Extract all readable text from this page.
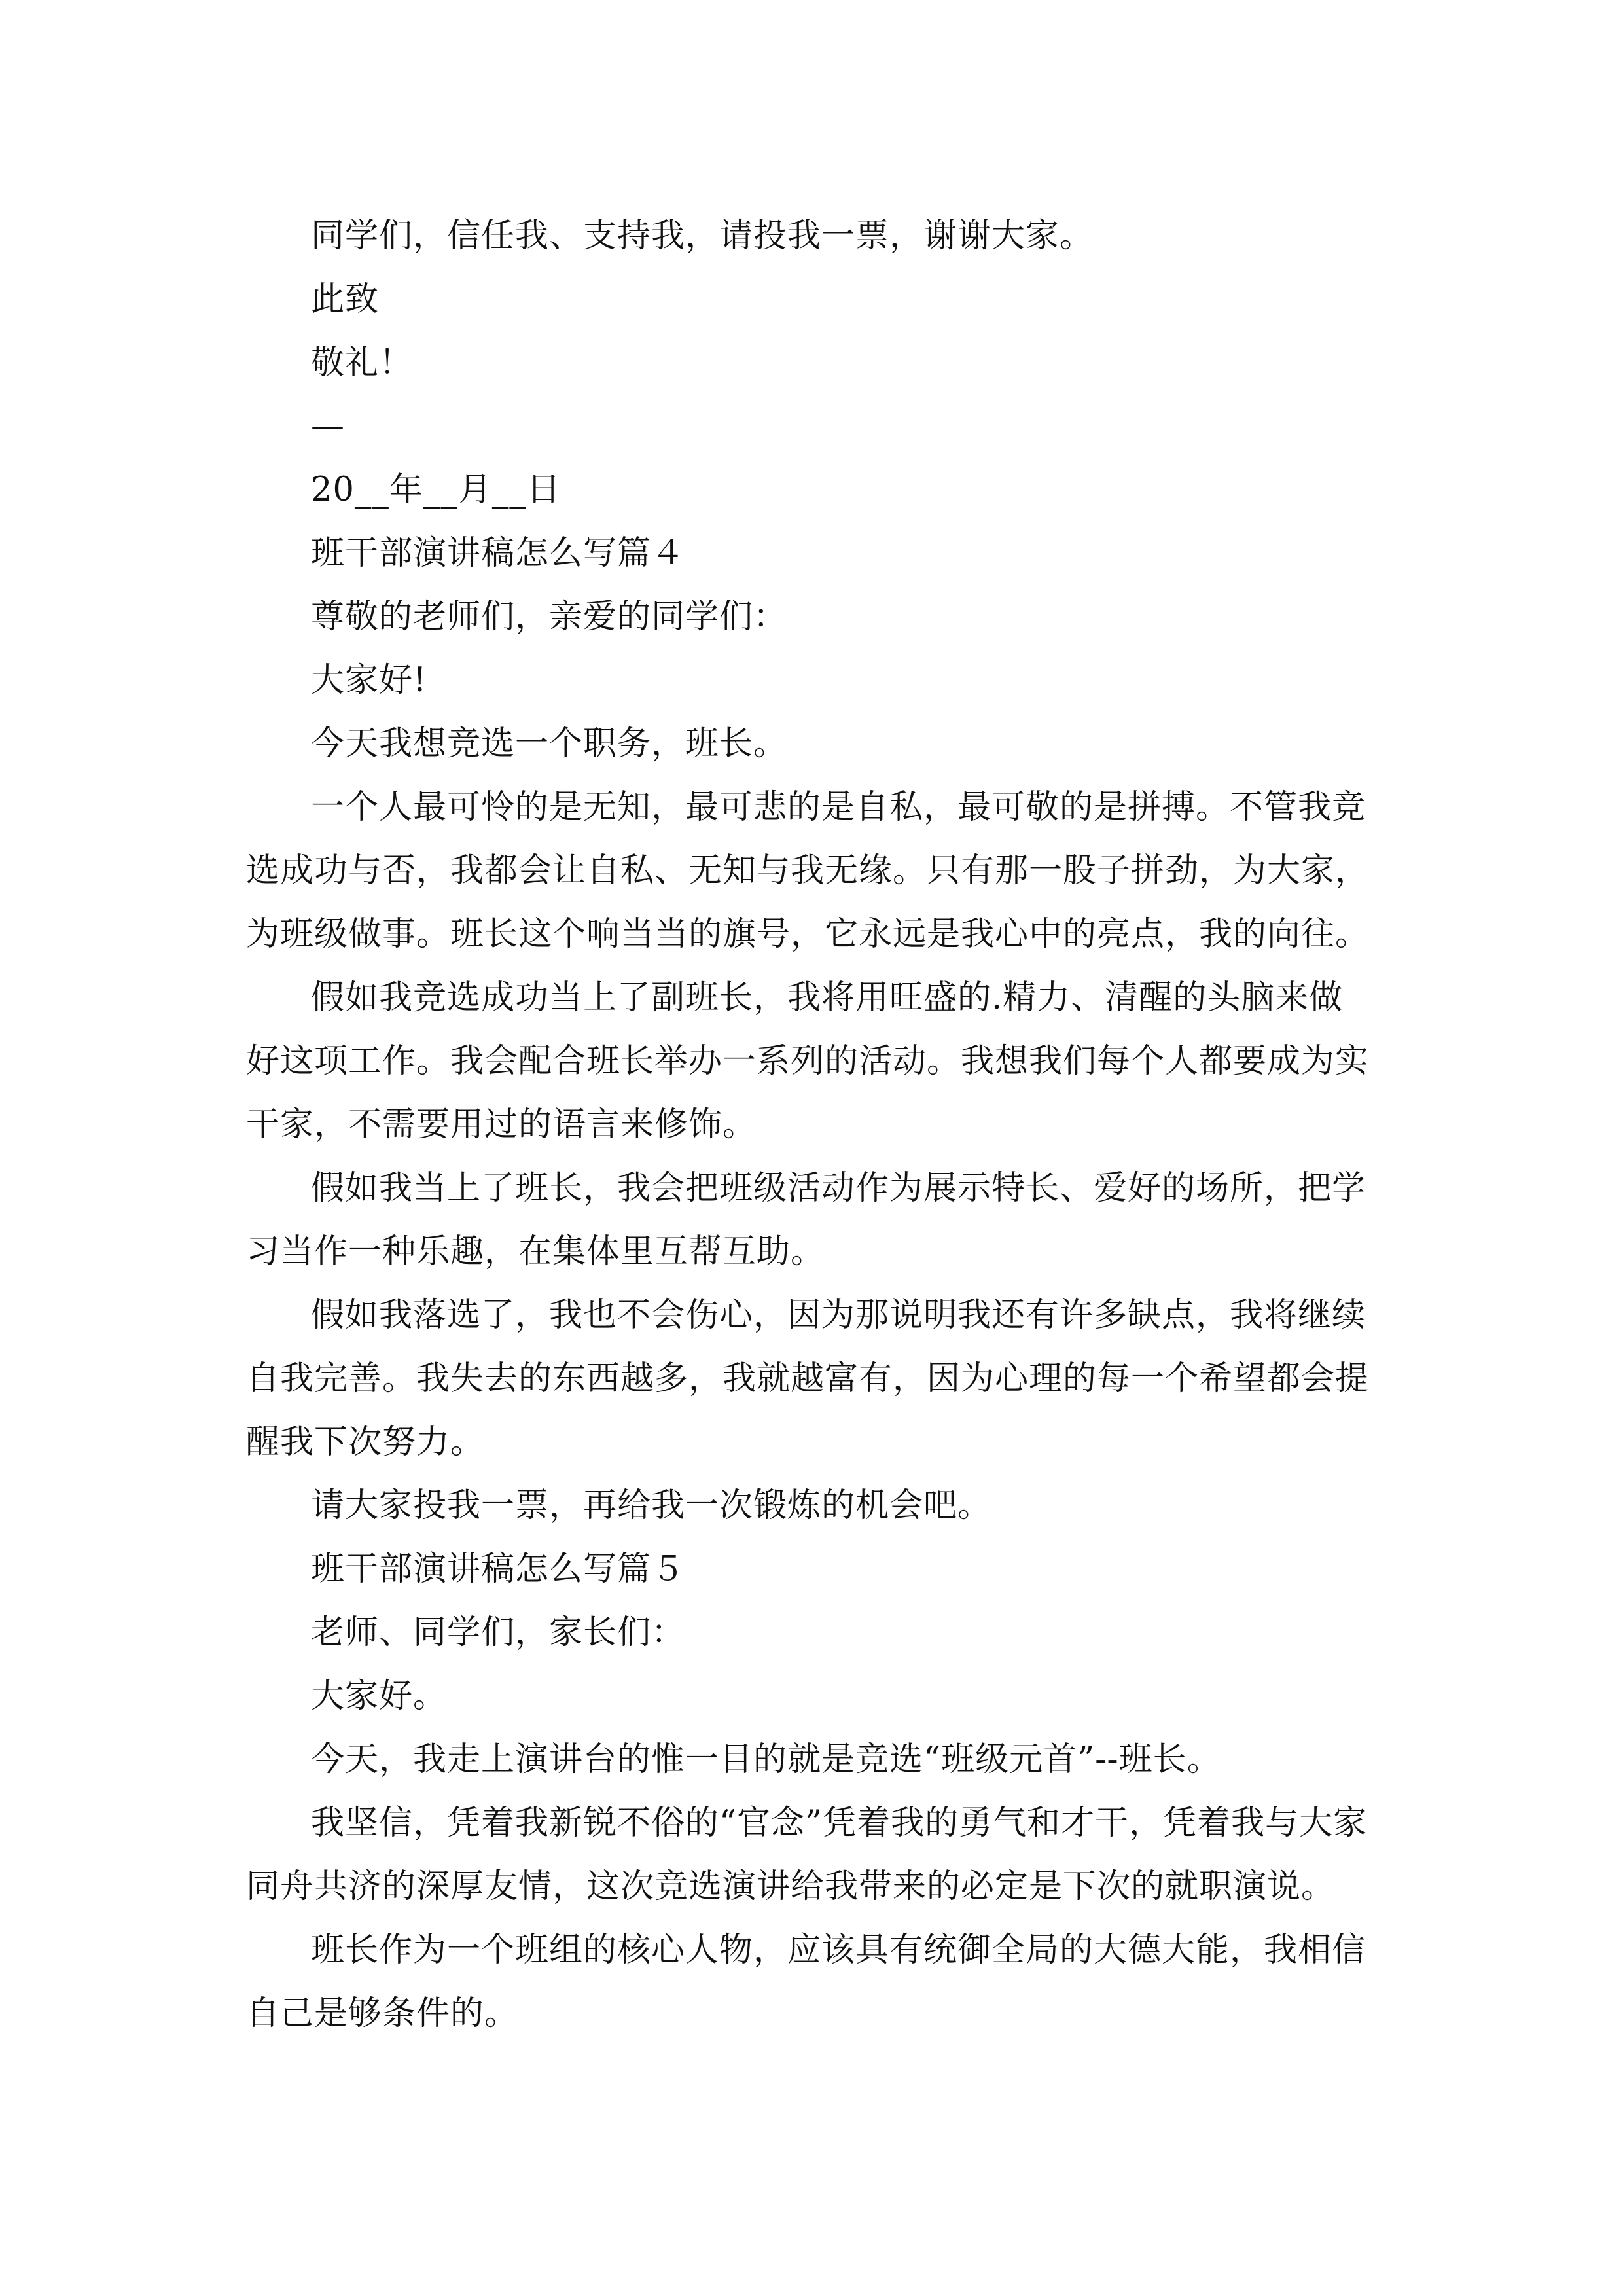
同学们，信任我、支持我，请投我一票，谢谢大家。

此致

敬礼！

—

20__年__月__日

班干部演讲稿怎么写篇４

尊敬的老师们，亲爱的同学们：

大家好!

今天我想竞选一个职务，班长。

一个人最可怜的是无知，最可悲的是自私，最可敬的是拼搏。不管我竞选成功与否，我都会让自私、无知与我无缘。只有那一股子拼劲，为大家，为班级做事。班长这个响当当的旗号，它永远是我心中的亮点，我的向往。

假如我竞选成功当上了副班长，我将用旺盛的.精力、清醒的头脑来做好这项工作。我会配合班长举办一系列的活动。我想我们每个人都要成为实干家，不需要用过的语言来修饰。

假如我当上了班长，我会把班级活动作为展示特长、爱好的场所，把学习当作一种乐趣，在集体里互帮互助。

假如我落选了，我也不会伤心，因为那说明我还有许多缺点，我将继续自我完善。我失去的东西越多，我就越富有，因为心理的每一个希望都会提醒我下次努力。

请大家投我一票，再给我一次锻炼的机会吧。

班干部演讲稿怎么写篇５

老师、同学们，家长们：

大家好。

今天，我走上演讲台的惟一目的就是竞选“班级元首”--班长。

我坚信，凭着我新锐不俗的“官念”凭着我的勇气和才干，凭着我与大家同舟共济的深厚友情，这次竞选演讲给我带来的必定是下次的就职演说。

班长作为一个班组的核心人物，应该具有统御全局的大德大能，我相信自己是够条件的。
